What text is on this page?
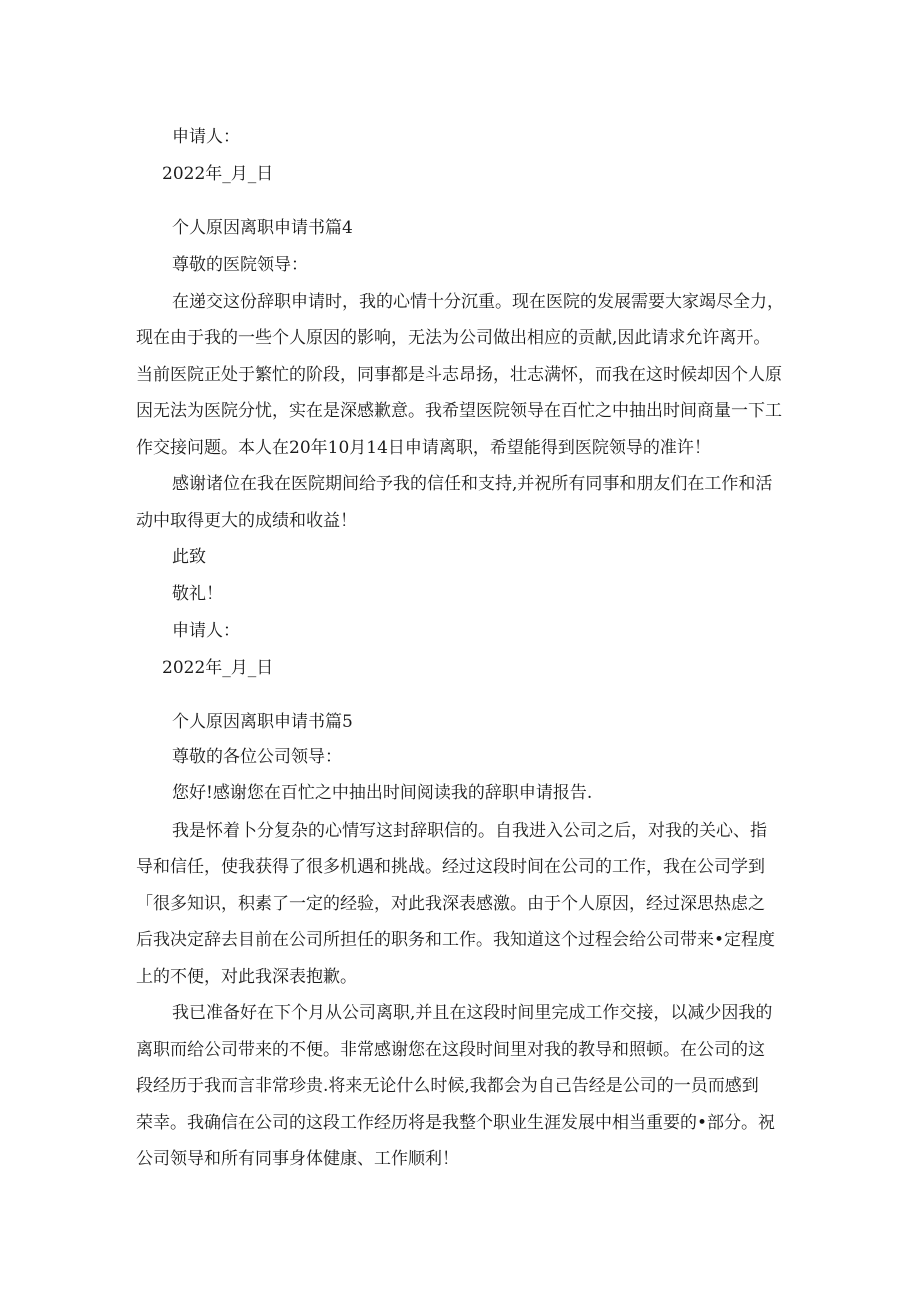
申请人：
2022年_月_日
个人原因离职申请书篇4
尊敬的医院领导：
在递交这份辞职申请时，我的心情十分沉重。现在医院的发展需要大家竭尽全力，
现在由于我的一些个人原因的影响，无法为公司做出相应的贡献,因此请求允许离开。
当前医院正处于繁忙的阶段，同事都是斗志昂扬，壮志满怀，而我在这时候却因个人原
因无法为医院分忧，实在是深感歉意。我希望医院领导在百忙之中抽出时间商量一下工
作交接问题。本人在20年10月14日申请离职，希望能得到医院领导的准许！
感谢诸位在我在医院期间给予我的信任和支持,并祝所有同事和朋友们在工作和活
动中取得更大的成绩和收益！
此致
敬礼！
申请人：
2022年_月_日
个人原因离职申请书篇5
尊敬的各位公司领导：
您好!感谢您在百忙之中抽出时间阅读我的辞职申请报告.
我是怀着卜分复杂的心情写这封辞职信的。自我进入公司之后，对我的关心、指
导和信任，使我获得了很多机遇和挑战。经过这段时间在公司的工作，我在公司学到
「很多知识，积素了一定的经验，对此我深表感激。由于个人原因，经过深思热虑之
后我决定辞去目前在公司所担任的职务和工作。我知道这个过程会给公司带来•定程度
上的不便，对此我深表抱歉。
我已准备好在下个月从公司离职,并且在这段时间里完成工作交接，以减少因我的
离职而给公司带来的不便。非常感谢您在这段时间里对我的教导和照顿。在公司的这
段经历于我而言非常珍贵.将来无论什么时候,我都会为自己告经是公司的一员而感到
荣幸。我确信在公司的这段工作经历将是我整个职业生涯发展中相当重要的•部分。祝
公司领导和所有同事身体健康、工作顺利！
